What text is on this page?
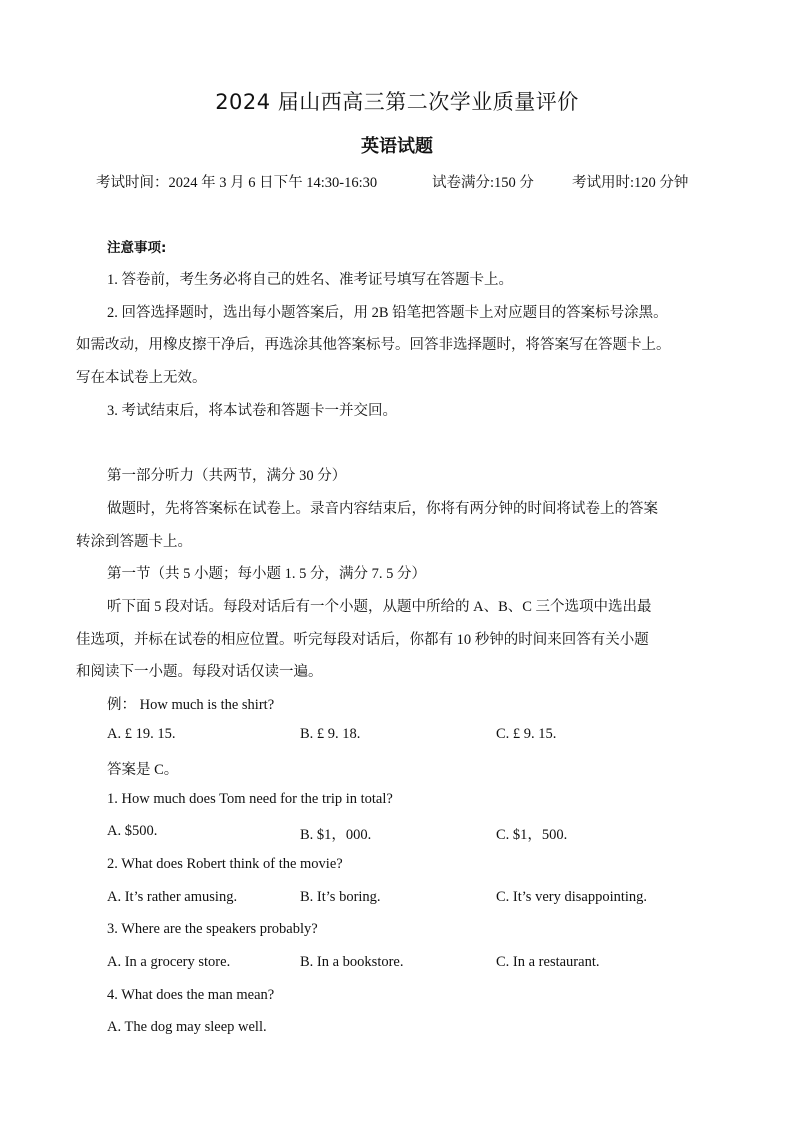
2024 届山西高三第二次学业质量评价
英语试题
考试时间：2024 年 3 月 6 日下午 14:30-16:30	试卷满分:150 分	考试用时:120 分钟
注意事项:
1. 答卷前，考生务必将自己的姓名、准考证号填写在答题卡上。
2. 回答选择题时，选出每小题答案后，用 2B 铅笔把答题卡上对应题目的答案标号涂黑。
如需改动，用橡皮擦干净后，再选涂其他答案标号。回答非选择题时，将答案写在答题卡上。
写在本试卷上无效。
3. 考试结束后，将本试卷和答题卡一并交回。
第一部分听力（共两节，满分 30 分）
做题时，先将答案标在试卷上。录音内容结束后，你将有两分钟的时间将试卷上的答案
转涂到答题卡上。
第一节（共 5 小题；每小题 1. 5 分，满分 7. 5 分）
听下面 5 段对话。每段对话后有一个小题，从题中所给的 A、B、C 三个选项中选出最
佳选项，并标在试卷的相应位置。听完每段对话后，你都有 10 秒钟的时间来回答有关小题
和阅读下一小题。每段对话仅读一遍。
例： How much is the shirt?
A. £ 19. 15.	B. £ 9. 18.	C. £ 9. 15.
答案是 C。
1. How much does Tom need for the trip in total?
A. $500.	B. $1，000.	C. $1，500.
2. What does Robert think of the movie?
A. It’s rather amusing.	B. It’s boring.	C. It’s very disappointing.
3. Where are the speakers probably?
A. In a grocery store.	B. In a bookstore.	C. In a restaurant.
4. What does the man mean?
A. The dog may sleep well.
